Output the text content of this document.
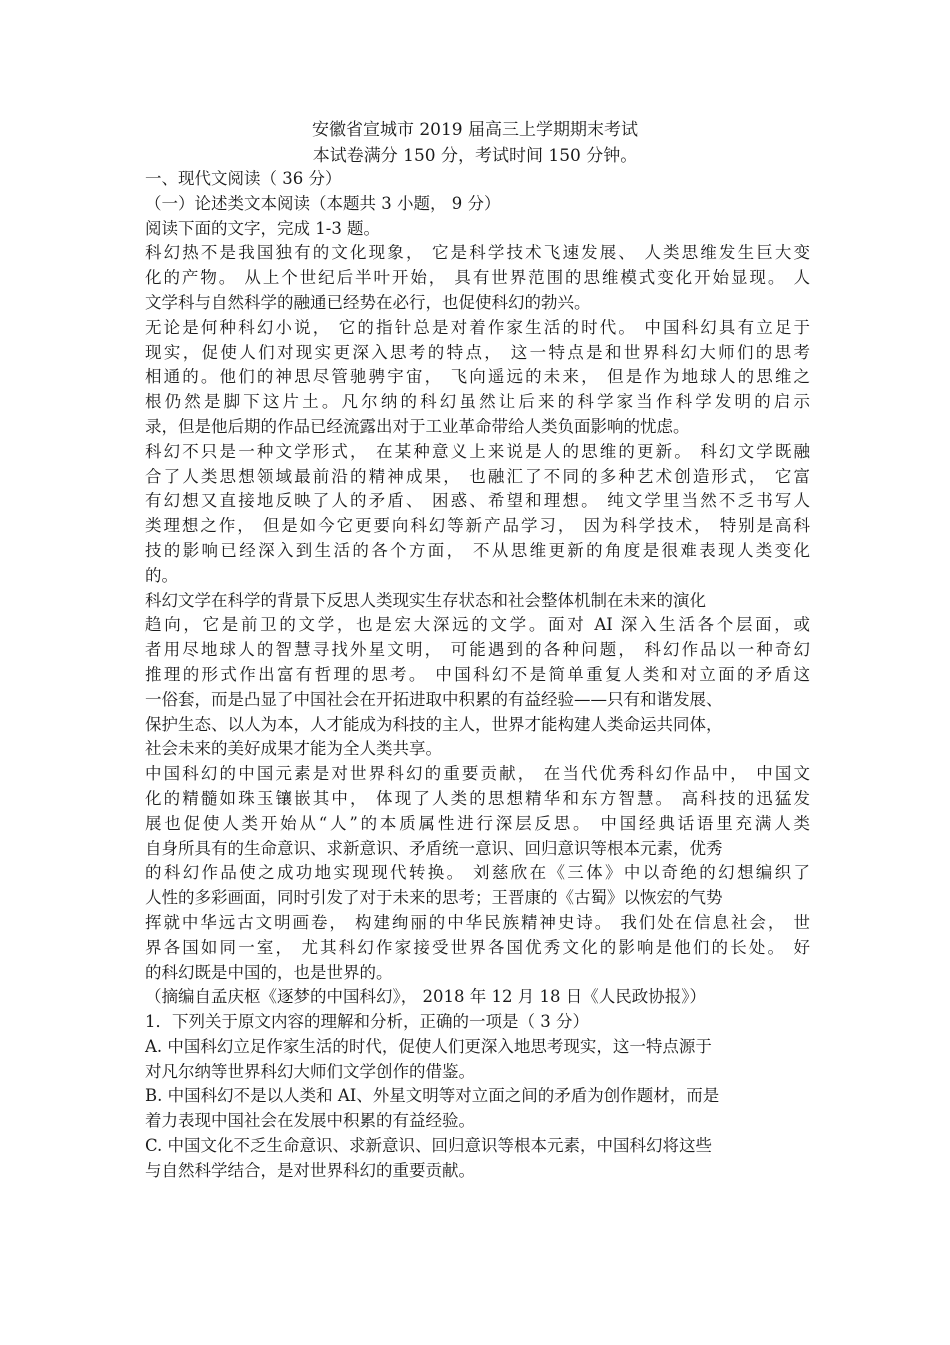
安徽省宣城市 2019 届高三上学期期末考试
本试卷满分 150 分，考试时间 150 分钟。
一、现代文阅读（ 36 分）
（一）论述类文本阅读（本题共 3 小题， 9 分）
阅读下面的文字，完成 1-3 题。
科幻热不是我国独有的文化现象， 它是科学技术飞速发展、 人类思维发生巨大变
化的产物。 从上个世纪后半叶开始， 具有世界范围的思维模式变化开始显现。 人
文学科与自然科学的融通已经势在必行，也促使科幻的勃兴。
无论是何种科幻小说， 它的指针总是对着作家生活的时代。 中国科幻具有立足于
现实，促使人们对现实更深入思考的特点， 这一特点是和世界科幻大师们的思考
相通的。他们的神思尽管驰骋宇宙， 飞向遥远的未来， 但是作为地球人的思维之
根仍然是脚下这片土。凡尔纳的科幻虽然让后来的科学家当作科学发明的启示
录，但是他后期的作品已经流露出对于工业革命带给人类负面影响的忧虑。
科幻不只是一种文学形式， 在某种意义上来说是人的思维的更新。 科幻文学既融
合了人类思想领域最前沿的精神成果， 也融汇了不同的多种艺术创造形式， 它富
有幻想又直接地反映了人的矛盾、 困惑、希望和理想。 纯文学里当然不乏书写人
类理想之作， 但是如今它更要向科幻等新产品学习， 因为科学技术， 特别是高科
技的影响已经深入到生活的各个方面， 不从思维更新的角度是很难表现人类变化
的。
科幻文学在科学的背景下反思人类现实生存状态和社会整体机制在未来的演化
趋向，它是前卫的文学，也是宏大深远的文学。面对 AI 深入生活各个层面，或
者用尽地球人的智慧寻找外星文明， 可能遇到的各种问题， 科幻作品以一种奇幻
推理的形式作出富有哲理的思考。 中国科幻不是简单重复人类和对立面的矛盾这
一俗套，而是凸显了中国社会在开拓进取中积累的有益经验——只有和谐发展、
保护生态、以人为本，人才能成为科技的主人，世界才能构建人类命运共同体，
社会未来的美好成果才能为全人类共享。
中国科幻的中国元素是对世界科幻的重要贡献， 在当代优秀科幻作品中， 中国文
化的精髓如珠玉镶嵌其中， 体现了人类的思想精华和东方智慧。 高科技的迅猛发
展也促使人类开始从“人”的本质属性进行深层反思。 中国经典话语里充满人类
自身所具有的生命意识、求新意识、矛盾统一意识、回归意识等根本元素，优秀
的科幻作品使之成功地实现现代转换。 刘慈欣在《三体》中以奇绝的幻想编织了
人性的多彩画面，同时引发了对于未来的思考；王晋康的《古蜀》以恢宏的气势
挥就中华远古文明画卷， 构建绚丽的中华民族精神史诗。 我们处在信息社会， 世
界各国如同一室， 尤其科幻作家接受世界各国优秀文化的影响是他们的长处。 好
的科幻既是中国的，也是世界的。
（摘编自孟庆枢《逐梦的中国科幻》， 2018 年 12 月 18 日《人民政协报》）
1．下列关于原文内容的理解和分析，正确的一项是（ 3 分）
A. 中国科幻立足作家生活的时代，促使人们更深入地思考现实，这一特点源于
对凡尔纳等世界科幻大师们文学创作的借鉴。
B. 中国科幻不是以人类和 AI、外星文明等对立面之间的矛盾为创作题材，而是
着力表现中国社会在发展中积累的有益经验。
C. 中国文化不乏生命意识、求新意识、回归意识等根本元素，中国科幻将这些
与自然科学结合，是对世界科幻的重要贡献。
